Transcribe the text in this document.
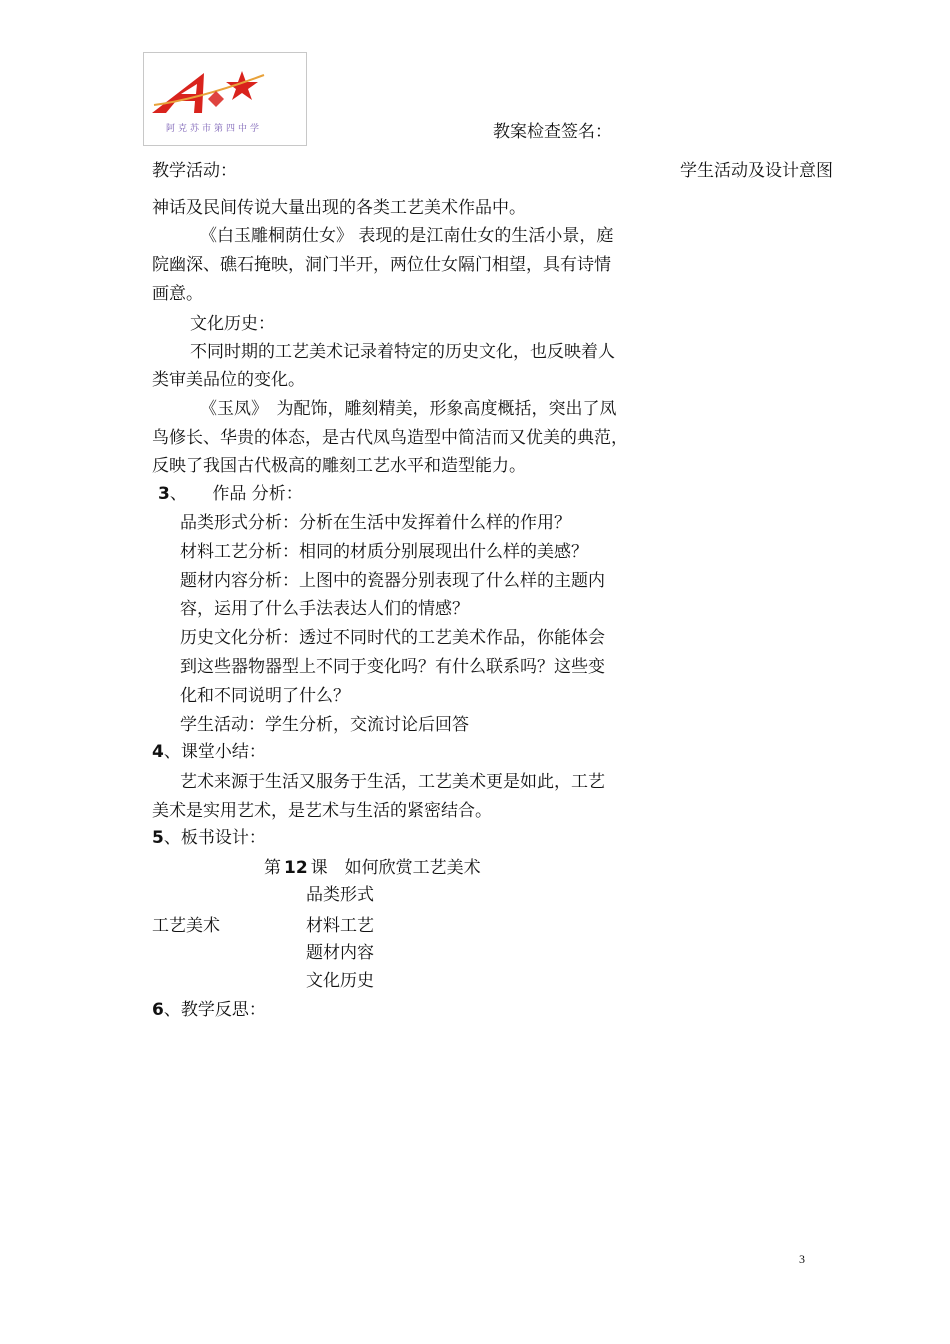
阿克苏市第四中学	教案检查签名：
教学活动：	学生活动及设计意图
神话及民间传说大量出现的各类工艺美术作品中。
《白玉雕桐荫仕女》 表现的是江南仕女的生活小景，庭
院幽深、礁石掩映，洞门半开，两位仕女隔门相望，具有诗情
画意。
文化历史：
不同时期的工艺美术记录着特定的历史文化，也反映着人
类审美品位的变化。
《玉凤》　为配饰，雕刻精美，形象高度概括，突出了凤
鸟修长、华贵的体态，是古代凤鸟造型中简洁而又优美的典范，
反映了我国古代极高的雕刻工艺水平和造型能力。
3、　　作品 分析：
品类形式分析：分析在生活中发挥着什么样的作用？
材料工艺分析：相同的材质分别展现出什么样的美感？
题材内容分析：上图中的瓷器分别表现了什么样的主题内
容，运用了什么手法表达人们的情感？
历史文化分析：透过不同时代的工艺美术作品，你能体会
到这些器物器型上不同于变化吗？有什么联系吗？这些变
化和不同说明了什么？
学生活动：学生分析，交流讨论后回答
4、课堂小结：
艺术来源于生活又服务于生活，工艺美术更是如此，工艺
美术是实用艺术，是艺术与生活的紧密结合。
5、板书设计：
第 12 课　如何欣赏工艺美术
品类形式
工艺美术	材料工艺
题材内容
文化历史
6、教学反思：
3
